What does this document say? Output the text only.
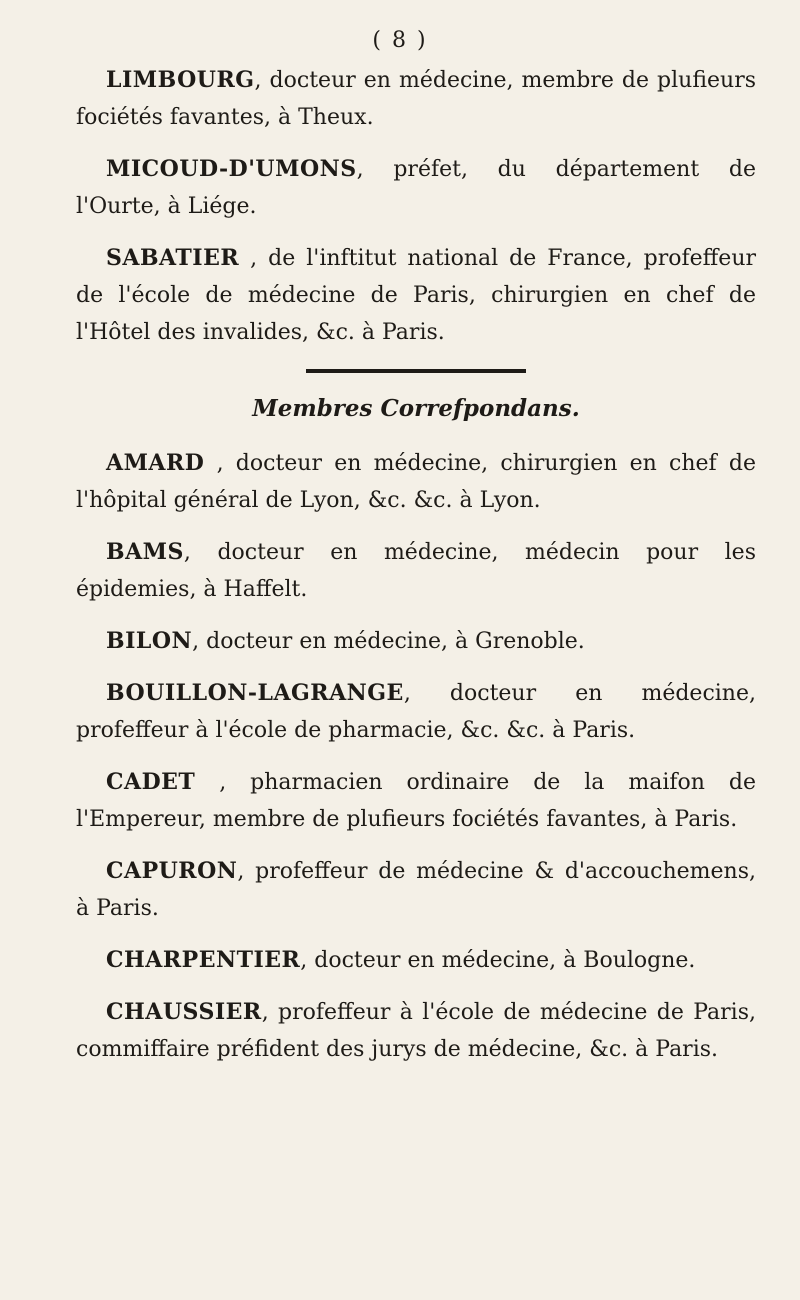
( 8 )

LIMBOURG, doᴄteur en médecine, membre de plufieurs fociétés favantes, à Theux.

MICOUD-D'UMONS, préfet, du département de l'Ourte, à Liége.

SABATIER , de l'inftitut national de France, profeffeur de l'école de médecine de Paris, chirurgien en chef de l'Hôtel des invalides, &c. à Paris.

Membres Correfpondans.

AMARD , doᴄteur en médecine, chirurgien en chef de l'hôpital général de Lyon, &c. &c. à Lyon.

BAMS, doᴄteur en médecine, médecin pour les épidemies, à Haffelt.

BILON, doᴄteur en médecine, à Grenoble.

BOUILLON-LAGRANGE, doᴄteur en médecine, profeffeur à l'école de pharmacie, &c. &c. à Paris.

CADET , pharmacien ordinaire de la maifon de l'Empereur, membre de plufieurs fociétés favantes, à Paris.

CAPURON, profeffeur de médecine & d'accouchemens, à Paris.

CHARPENTIER, doᴄteur en médecine, à Boulogne.

CHAUSSIER, profeffeur à l'école de médecine de Paris, commiffaire préfident des jurys de médecine, &c. à Paris.
